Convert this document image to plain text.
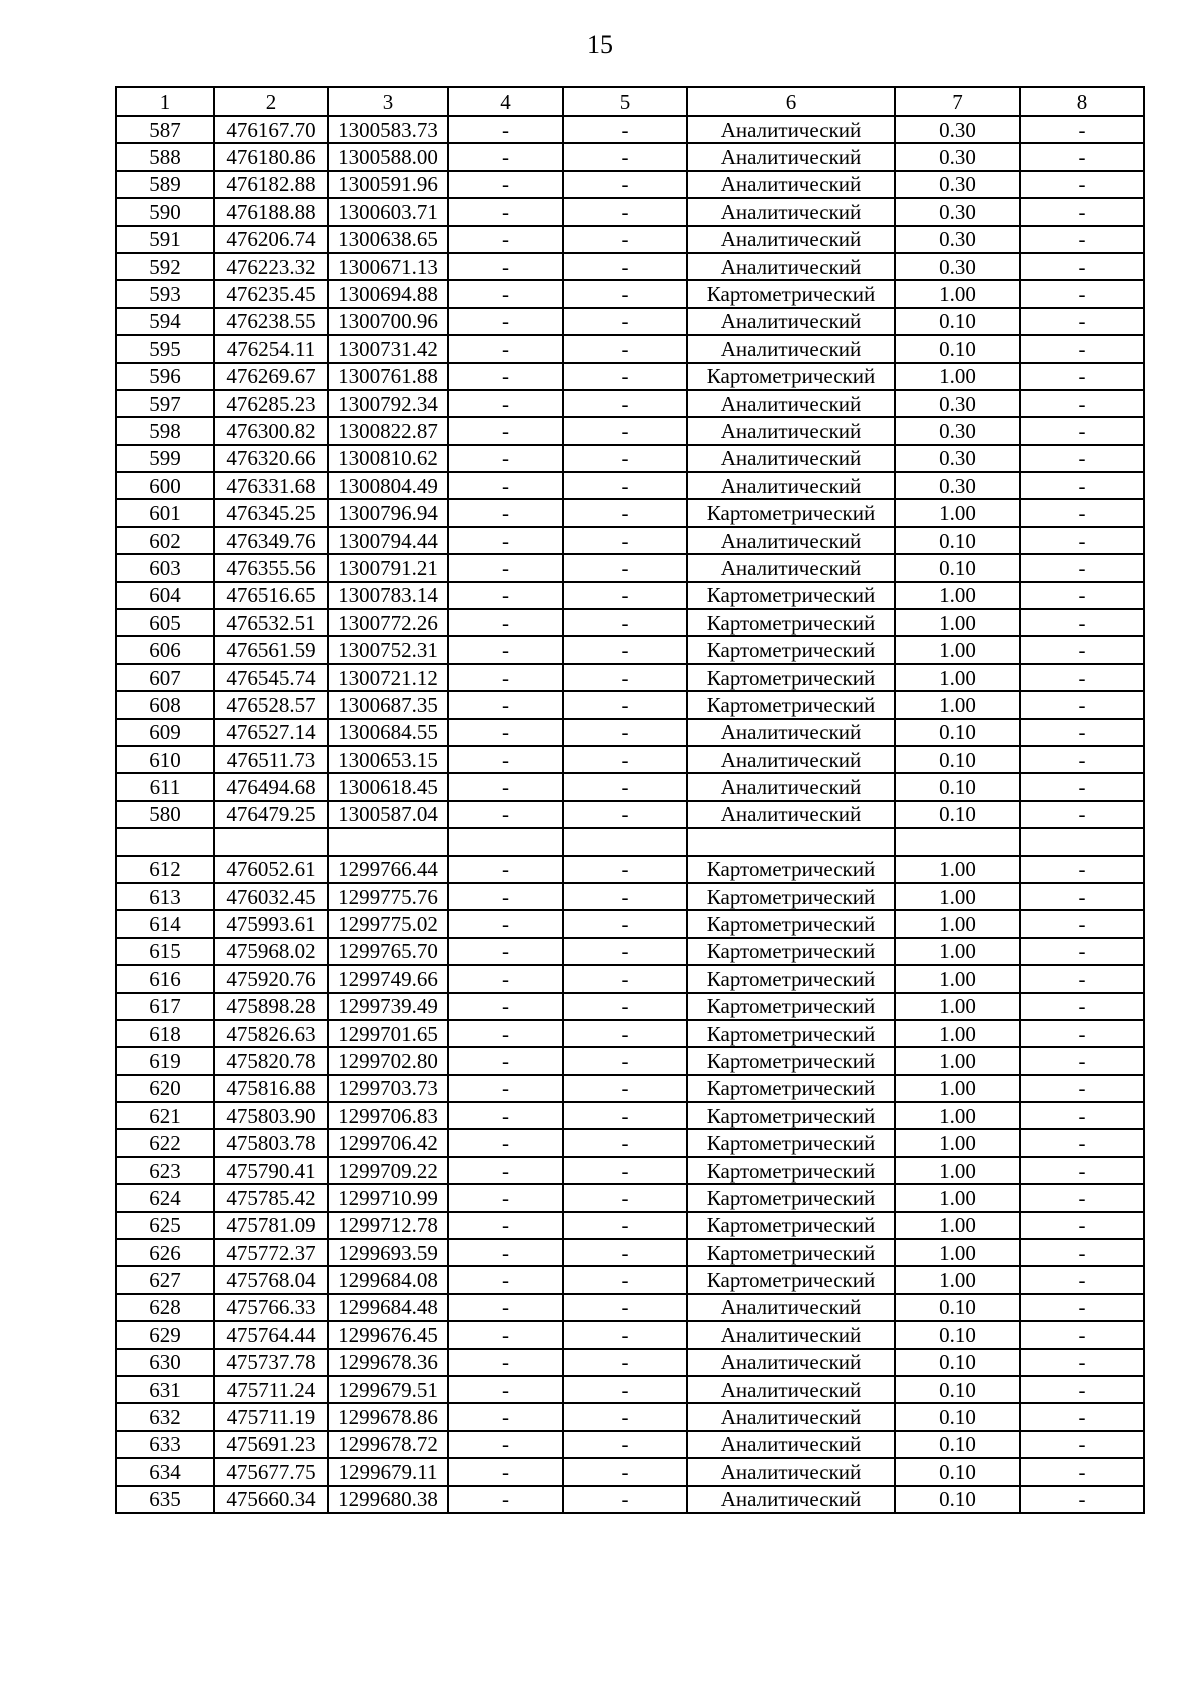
15
1	2	3	4	5	6	7	8
587	476167.70	1300583.73	-	-	Аналитический	0.30	-
588	476180.86	1300588.00	-	-	Аналитический	0.30	-
589	476182.88	1300591.96	-	-	Аналитический	0.30	-
590	476188.88	1300603.71	-	-	Аналитический	0.30	-
591	476206.74	1300638.65	-	-	Аналитический	0.30	-
592	476223.32	1300671.13	-	-	Аналитический	0.30	-
593	476235.45	1300694.88	-	-	Картометрический	1.00	-
594	476238.55	1300700.96	-	-	Аналитический	0.10	-
595	476254.11	1300731.42	-	-	Аналитический	0.10	-
596	476269.67	1300761.88	-	-	Картометрический	1.00	-
597	476285.23	1300792.34	-	-	Аналитический	0.30	-
598	476300.82	1300822.87	-	-	Аналитический	0.30	-
599	476320.66	1300810.62	-	-	Аналитический	0.30	-
600	476331.68	1300804.49	-	-	Аналитический	0.30	-
601	476345.25	1300796.94	-	-	Картометрический	1.00	-
602	476349.76	1300794.44	-	-	Аналитический	0.10	-
603	476355.56	1300791.21	-	-	Аналитический	0.10	-
604	476516.65	1300783.14	-	-	Картометрический	1.00	-
605	476532.51	1300772.26	-	-	Картометрический	1.00	-
606	476561.59	1300752.31	-	-	Картометрический	1.00	-
607	476545.74	1300721.12	-	-	Картометрический	1.00	-
608	476528.57	1300687.35	-	-	Картометрический	1.00	-
609	476527.14	1300684.55	-	-	Аналитический	0.10	-
610	476511.73	1300653.15	-	-	Аналитический	0.10	-
611	476494.68	1300618.45	-	-	Аналитический	0.10	-
580	476479.25	1300587.04	-	-	Аналитический	0.10	-

612	476052.61	1299766.44	-	-	Картометрический	1.00	-
613	476032.45	1299775.76	-	-	Картометрический	1.00	-
614	475993.61	1299775.02	-	-	Картометрический	1.00	-
615	475968.02	1299765.70	-	-	Картометрический	1.00	-
616	475920.76	1299749.66	-	-	Картометрический	1.00	-
617	475898.28	1299739.49	-	-	Картометрический	1.00	-
618	475826.63	1299701.65	-	-	Картометрический	1.00	-
619	475820.78	1299702.80	-	-	Картометрический	1.00	-
620	475816.88	1299703.73	-	-	Картометрический	1.00	-
621	475803.90	1299706.83	-	-	Картометрический	1.00	-
622	475803.78	1299706.42	-	-	Картометрический	1.00	-
623	475790.41	1299709.22	-	-	Картометрический	1.00	-
624	475785.42	1299710.99	-	-	Картометрический	1.00	-
625	475781.09	1299712.78	-	-	Картометрический	1.00	-
626	475772.37	1299693.59	-	-	Картометрический	1.00	-
627	475768.04	1299684.08	-	-	Картометрический	1.00	-
628	475766.33	1299684.48	-	-	Аналитический	0.10	-
629	475764.44	1299676.45	-	-	Аналитический	0.10	-
630	475737.78	1299678.36	-	-	Аналитический	0.10	-
631	475711.24	1299679.51	-	-	Аналитический	0.10	-
632	475711.19	1299678.86	-	-	Аналитический	0.10	-
633	475691.23	1299678.72	-	-	Аналитический	0.10	-
634	475677.75	1299679.11	-	-	Аналитический	0.10	-
635	475660.34	1299680.38	-	-	Аналитический	0.10	-
